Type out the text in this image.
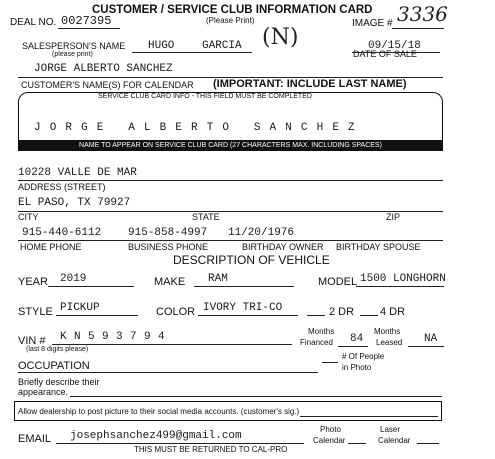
CUSTOMER / SERVICE CLUB INFORMATION CARD
(Please Print)
DEAL NO. 0027395	IMAGE # 3336
(N)
SALESPERSON'S NAME
(please print)
HUGO	GARCIA	09/15/18
DATE OF SALE
JORGE ALBERTO SANCHEZ
CUSTOMER'S NAME(S) FOR CALENDAR (IMPORTANT: INCLUDE LAST NAME)
SERVICE CLUB CARD INFO - THIS FIELD MUST BE COMPLETED
JORGE ALBERTO SANCHEZ
NAME TO APPEAR ON SERVICE CLUB CARD (27 CHARACTERS MAX. INCLUDING SPACES)
10228 VALLE DE MAR
ADDRESS (STREET)
EL PASO, TX 79927
CITY	STATE	ZIP
915-440-6112 915-858-4997 11/20/1976
HOME PHONE	BUSINESS PHONE	BIRTHDAY OWNER BIRTHDAY SPOUSE
DESCRIPTION OF VEHICLE
YEAR 2019	MAKE RAM	MODEL 1500 LONGHORN
STYLE PICKUP	COLOR IVORY TRI-CO	2 DR 4 DR
VIN #
(last 8 digits please)
KN593794	Months
Financed 84
Months
Leased NA
OCCUPATION
# Of People
in Photo
Briefly describe their
appearance.
Allow dealership to post picture to their social media accounts. (customer's sig.)
EMAIL josephsanchez499@gmail.com
Photo
Calendar
Laser
Calendar
THIS MUST BE RETURNED TO CAL-PRO
